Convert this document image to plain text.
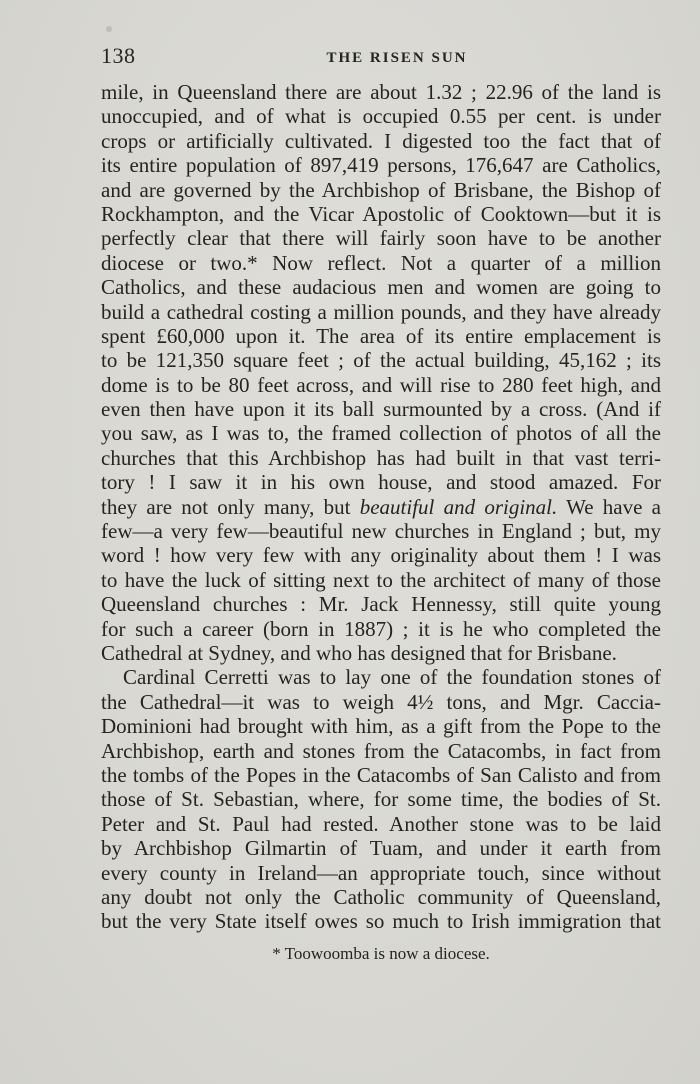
138	THE RISEN SUN
mile, in Queensland there are about 1.32 ; 22.96 of the land is
unoccupied, and of what is occupied 0.55 per cent. is under
crops or artificially cultivated. I digested too the fact that of
its entire population of 897,419 persons, 176,647 are Catholics,
and are governed by the Archbishop of Brisbane, the Bishop of
Rockhampton, and the Vicar Apostolic of Cooktown—but it is
perfectly clear that there will fairly soon have to be another
diocese or two.* Now reflect. Not a quarter of a million
Catholics, and these audacious men and women are going to
build a cathedral costing a million pounds, and they have already
spent £60,000 upon it. The area of its entire emplacement is
to be 121,350 square feet ; of the actual building, 45,162 ; its
dome is to be 80 feet across, and will rise to 280 feet high, and
even then have upon it its ball surmounted by a cross. (And if
you saw, as I was to, the framed collection of photos of all the
churches that this Archbishop has had built in that vast terri-
tory ! I saw it in his own house, and stood amazed. For
they are not only many, but beautiful and original. We have a
few—a very few—beautiful new churches in England ; but, my
word ! how very few with any originality about them ! I was
to have the luck of sitting next to the architect of many of those
Queensland churches : Mr. Jack Hennessy, still quite young
for such a career (born in 1887) ; it is he who completed the
Cathedral at Sydney, and who has designed that for Brisbane.
Cardinal Cerretti was to lay one of the foundation stones of
the Cathedral—it was to weigh 4½ tons, and Mgr. Caccia-
Dominioni had brought with him, as a gift from the Pope to the
Archbishop, earth and stones from the Catacombs, in fact from
the tombs of the Popes in the Catacombs of San Calisto and from
those of St. Sebastian, where, for some time, the bodies of St.
Peter and St. Paul had rested. Another stone was to be laid
by Archbishop Gilmartin of Tuam, and under it earth from
every county in Ireland—an appropriate touch, since without
any doubt not only the Catholic community of Queensland,
but the very State itself owes so much to Irish immigration that
* Toowoomba is now a diocese.
